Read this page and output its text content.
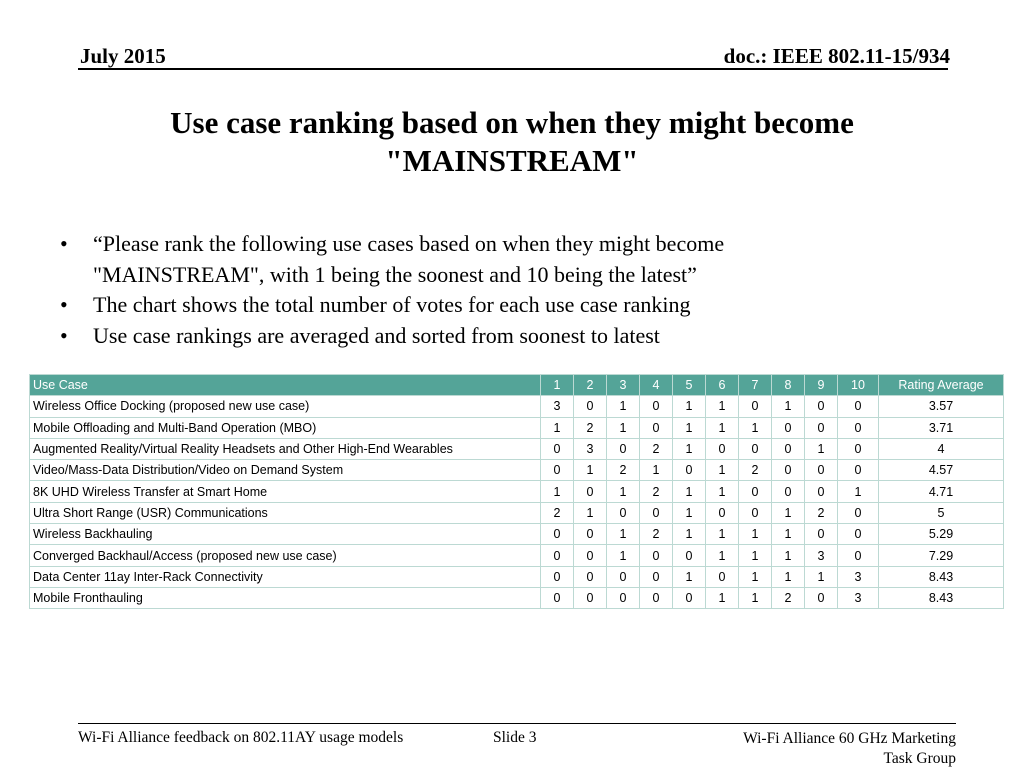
July 2015	doc.: IEEE 802.11-15/934
Use case ranking based on when they might become
"MAINSTREAM"
• “Please rank the following use cases based on when they might become "MAINSTREAM", with 1 being the soonest and 10 being the latest”
• The chart shows the total number of votes for each use case ranking
• Use case rankings are averaged and sorted from soonest to latest
Use Case	1	2	3	4	5	6	7	8	9	10	Rating Average
Wireless Office Docking (proposed new use case)	3	0	1	0	1	1	0	1	0	0	3.57
Mobile Offloading and Multi-Band Operation (MBO)	1	2	1	0	1	1	1	0	0	0	3.71
Augmented Reality/Virtual Reality Headsets and Other High-End Wearables	0	3	0	2	1	0	0	0	1	0	4
Video/Mass-Data Distribution/Video on Demand System	0	1	2	1	0	1	2	0	0	0	4.57
8K UHD Wireless Transfer at Smart Home	1	0	1	2	1	1	0	0	0	1	4.71
Ultra Short Range (USR) Communications	2	1	0	0	1	0	0	1	2	0	5
Wireless Backhauling	0	0	1	2	1	1	1	1	0	0	5.29
Converged Backhaul/Access (proposed new use case)	0	0	1	0	0	1	1	1	3	0	7.29
Data Center 11ay Inter-Rack Connectivity	0	0	0	0	1	0	1	1	1	3	8.43
Mobile Fronthauling	0	0	0	0	0	1	1	2	0	3	8.43
Wi-Fi Alliance feedback on 802.11AY usage models	Slide 3	Wi-Fi Alliance 60 GHz Marketing
Task Group
